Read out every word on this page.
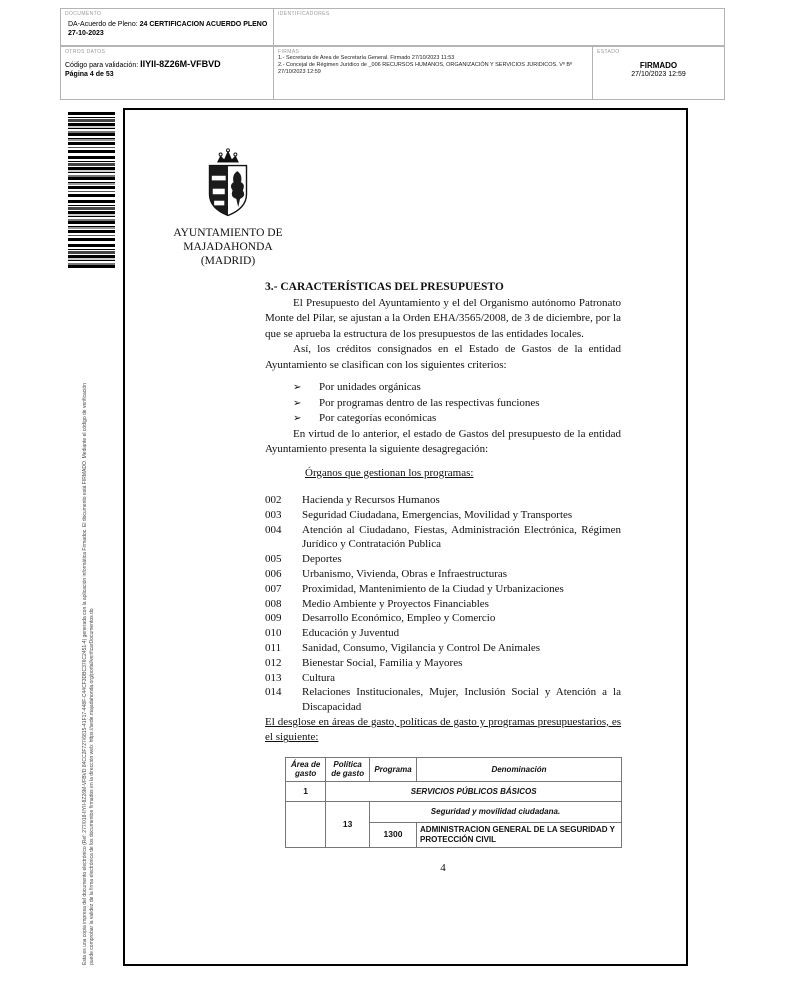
DOCUMENTO
DA-Acuerdo de Pleno: 24 CERTIFICACION ACUERDO PLENO 27-10-2023
IDENTIFICADORES
OTROS DATOS
Código para validación: IIYII-8Z26M-VFBVD
Página 4 de 53
FIRMAS
1.- Secretaria de Area de Secretaría General. Firmado 27/10/2023 11:53
2.- Concejal de Régimen Jurídico de _006 RECURSOS HUMANOS, ORGANIZACIÓN Y SERVICIOS JURIDICOS. Vº Bº 27/10/2023 12:59
ESTADO
FIRMADO
27/10/2023 12:59
Esta es una copia impresa del documento electrónico (Ref: 277/018-IIYII-8Z26M-VFBVD 84CC2F727/6815-41F17-448F-C44CF3DBC376C2451-4) generada con la aplicación informática Firmadoc. El documento está FIRMADO. Mediante el código de verificación puede comprobar la validez de la firma electrónica de los documentos firmados en la dirección web: https://sede.majadahonda.org/portal/verificarDocumentos.do
AYUNTAMIENTO DE
MAJADAHONDA
(MADRID)
3.- CARACTERÍSTICAS DEL PRESUPUESTO

El Presupuesto del Ayuntamiento y el del Organismo autónomo Patronato Monte del Pilar, se ajustan a la Orden EHA/3565/2008, de 3 de diciembre, por la que se aprueba la estructura de los presupuestos de las entidades locales.

Así, los créditos consignados en el Estado de Gastos de la entidad Ayuntamiento se clasifican con los siguientes criterios:

➢	Por unidades orgánicas
➢	Por programas dentro de las respectivas funciones
➢	Por categorías económicas

En virtud de lo anterior, el estado de Gastos del presupuesto de la entidad Ayuntamiento presenta la siguiente desagregación:

Órganos que gestionan los programas:
002	Hacienda y Recursos Humanos
003	Seguridad Ciudadana, Emergencias, Movilidad y Transportes
004	Atención al Ciudadano, Fiestas, Administración Electrónica, Régimen Jurídico y Contratación Publica
005	Deportes
006	Urbanismo, Vivienda, Obras e Infraestructuras
007	Proximidad, Mantenimiento de la Ciudad y Urbanizaciones
008	Medio Ambiente y Proyectos Financiables
009	Desarrollo Económico, Empleo y Comercio
010	Educación y Juventud
011	Sanidad, Consumo, Vigilancia y Control De Animales
012	Bienestar Social, Familia y Mayores
013	Cultura
014	Relaciones Institucionales, Mujer, Inclusión Social y Atención a la Discapacidad

El desglose en áreas de gasto, políticas de gasto y programas presupuestarios, es el siguiente:

Área de gasto	Política de gasto	Programa	Denominación
1	SERVICIOS PÚBLICOS BÁSICOS		
	13	Seguridad y movilidad ciudadana.	
		1300	ADMINISTRACION GENERAL DE LA SEGURIDAD Y PROTECCIÓN CIVIL
4
